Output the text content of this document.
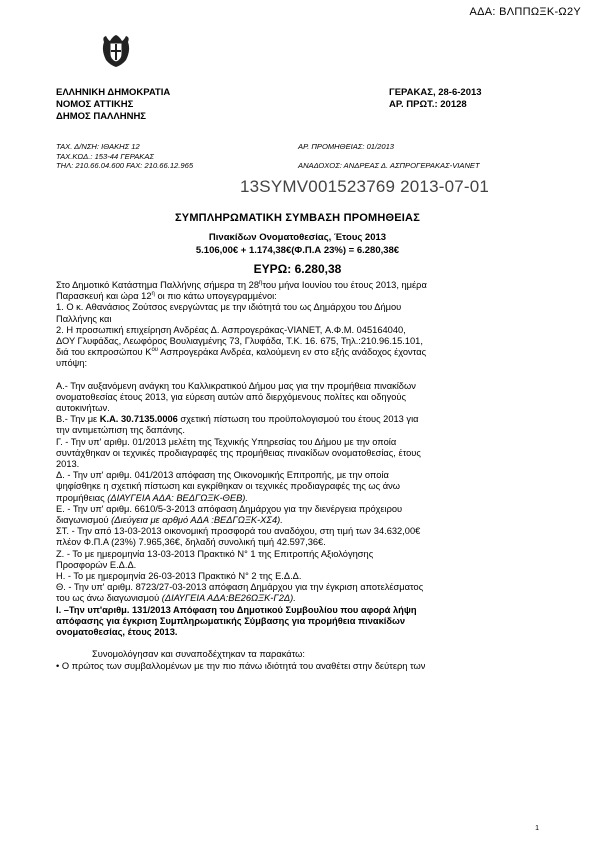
ΑΔΑ: ΒΛΠΠΩΞΚ-Ω2Υ
ΕΛΛΗΝΙΚΗ ΔΗΜΟΚΡΑΤΙΑ
ΝΟΜΟΣ ΑΤΤΙΚΗΣ
ΔΗΜΟΣ ΠΑΛΛΗΝΗΣ
ΓΕΡΑΚΑΣ, 28-6-2013
ΑΡ. ΠΡΩΤ.: 20128
ΤΑΧ. Δ/ΝΣΗ: ΙΘΑΚΗΣ 12
ΤΑΧ.ΚΩΔ.: 153-44 ΓΕΡΑΚΑΣ
ΤΗΛ: 210.66.04.600 FAX: 210.66.12.965
ΑΡ. ΠΡΟΜΗΘΕΙΑΣ: 01/2013
ΑΝΑΔΟΧΟΣ: ΑΝΔΡΕΑΣ Δ. ΑΣΠΡΟΓΕΡΑΚΑΣ-VIANET
13SYMV001523769 2013-07-01
ΣΥΜΠΛΗΡΩΜΑΤΙΚΗ ΣΥΜΒΑΣΗ ΠΡΟΜΗΘΕΙΑΣ
Πινακίδων Ονοματοθεσίας, Έτους 2013
5.106,00€ + 1.174,38€(Φ.Π.Α 23%) = 6.280,38€
ΕΥΡΩ: 6.280,38

Στο Δημοτικό Κατάστημα Παλλήνης σήμερα τη $28^\eta\tau o\upsilon$ μήνα Ιουνίου του έτους 2013, ημέρα

Παρασκευή και ώρα $12^\eta$ οι πιο κάτω υπογεγραμμένοι:

1. Ο κ. Αθανάσιος Ζούτσος ενεργώντας με την ιδιότητά του ως Δημάρχου του Δήμου

Παλλήνης και

2. Η προσωπική επιχείρηση Ανδρέας Δ. Ασπρογεράκας-VIANET, Α.Φ.Μ. 045164040,

ΔΟΥ Γλυφάδας, Λεωφόρος Βουλιαγμένης 73, Γλυφάδα, Τ.Κ. 16. 675, Τηλ.:210.96.15.101,

διά του εκπροσώπου $K^{o\upsilon}$ Ασπρογεράκα Ανδρέα, καλούμενη εν στο εξής ανάδοχος έχοντας

υπόψη:

Α.- Την αυξανόμενη ανάγκη του Καλλικρατικού Δήμου μας για την προμήθεια πινακίδων

ονοματοθεσίας έτους 2013, για εύρεση αυτών από διερχόμενους πολίτες και οδηγούς

αυτοκινήτων.

Β.- Την με Κ.Α. 30.7135.0006 σχετική πίστωση του προϋπολογισμού του έτους 2013 για

την αντιμετώπιση της δαπάνης.

Γ. - Την υπ' αριθμ. 01/2013 μελέτη της Τεχνικής Υπηρεσίας του Δήμου με την οποία

συντάχθηκαν οι τεχνικές προδιαγραφές της προμήθειας πινακίδων ονοματοθεσίας, έτους

2013.

Δ. - Την υπ' αριθμ. 041/2013 απόφαση της Οικονομικής Επιτροπής, με την οποία

ψηφίσθηκε η σχετική πίστωση και εγκρίθηκαν οι τεχνικές προδιαγραφές της ως άνω

προμήθειας (ΔΙΑΥΓΕΙΑ ΑΔΑ: ΒΕΔΓΩΞΚ-ΘΕΒ).

Ε. - Την υπ' αριθμ. 6610/5-3-2013 απόφαση Δημάρχου για την διενέργεια πρόχειρου

διαγωνισμού (Διεύγεια με αρθμό ΑΔΑ :ΒΕΔΓΩΞΚ-ΧΣ4).

ΣΤ. - Την από 13-03-2013 οικονομική προσφορά του αναδόχου, στη τιμή των 34.632,00€

πλέον Φ.Π.Α (23%) 7.965,36€, δηλαδή συνολική τιμή 42.597,36€.

Ζ. - Το με ημερομηνία 13-03-2013 Πρακτικό Ν° 1 της Επιτροπής Αξιολόγησης

Προσφορών Ε.Δ.Δ.

Η. - Το με ημερομηνία 26-03-2013 Πρακτικό Ν° 2 της Ε.Δ.Δ.

Θ. - Την υπ' αριθμ. 8723/27-03-2013 απόφαση Δημάρχου για την έγκριση αποτελέσματος

του ως άνω διαγωνισμού (ΔΙΑΥΓΕΙΑ ΑΔΑ:ΒΕ26ΩΞΚ-Γ2Δ).

Ι. –Την υπ'αριθμ. 131/2013 Απόφαση του Δημοτικού Συμβουλίου που αφορά λήψη

απόφασης για έγκριση Συμπληρωματικής Σύμβασης για προμήθεια πινακίδων

ονοματοθεσίας, έτους 2013.

Συνομολόγησαν και συναποδέχτηκαν τα παρακάτω:

• Ο πρώτος των συμβαλλομένων με την πιο πάνω ιδιότητά του αναθέτει στην δεύτερη των

1
